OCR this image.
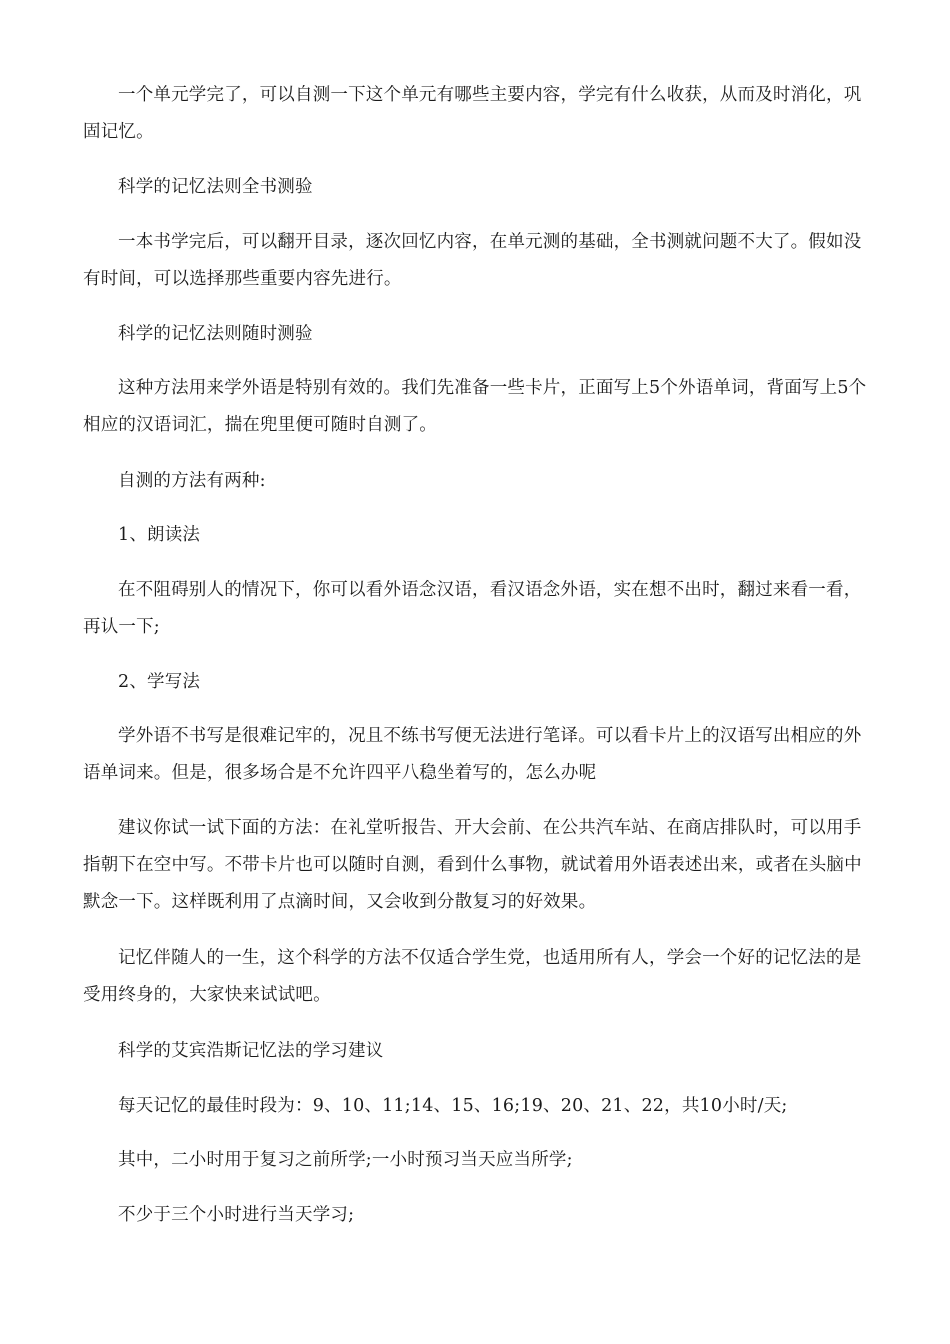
一个单元学完了，可以自测一下这个单元有哪些主要内容，学完有什么收获，从而及时消化，巩固记忆。

科学的记忆法则全书测验

一本书学完后，可以翻开目录，逐次回忆内容，在单元测的基础，全书测就问题不大了。假如没有时间，可以选择那些重要内容先进行。

科学的记忆法则随时测验

这种方法用来学外语是特别有效的。我们先准备一些卡片，正面写上5个外语单词，背面写上5个相应的汉语词汇，揣在兜里便可随时自测了。

自测的方法有两种:

1、朗读法

在不阻碍别人的情况下，你可以看外语念汉语，看汉语念外语，实在想不出时，翻过来看一看，再认一下;

2、学写法

学外语不书写是很难记牢的，况且不练书写便无法进行笔译。可以看卡片上的汉语写出相应的外语单词来。但是，很多场合是不允许四平八稳坐着写的，怎么办呢

建议你试一试下面的方法：在礼堂听报告、开大会前、在公共汽车站、在商店排队时，可以用手指朝下在空中写。不带卡片也可以随时自测，看到什么事物，就试着用外语表述出来，或者在头脑中默念一下。这样既利用了点滴时间，又会收到分散复习的好效果。

记忆伴随人的一生，这个科学的方法不仅适合学生党，也适用所有人，学会一个好的记忆法的是受用终身的，大家快来试试吧。

科学的艾宾浩斯记忆法的学习建议

每天记忆的最佳时段为：9、10、11;14、15、16;19、20、21、22，共10小时/天;

其中，二小时用于复习之前所学;一小时预习当天应当所学;

不少于三个小时进行当天学习;
